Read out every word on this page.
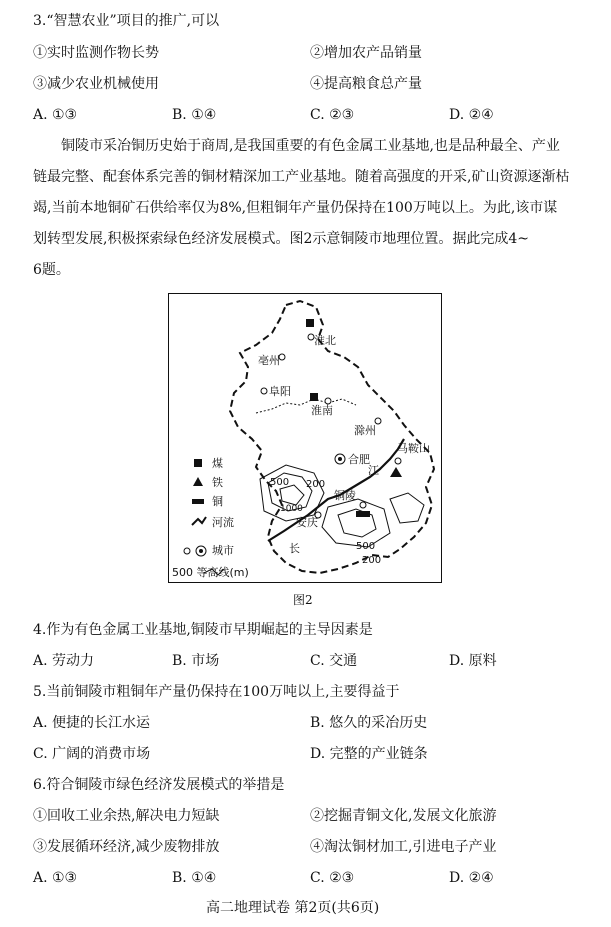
3.“智慧农业”项目的推广,可以
①实时监测作物长势	②增加农产品销量
③减少农业机械使用	④提高粮食总产量
A. ①③	B. ①④	C. ②③	D. ②④
铜陵市采冶铜历史始于商周,是我国重要的有色金属工业基地,也是品种最全、产业
链最完整、配套体系完善的铜材精深加工产业基地。随着高强度的开采,矿山资源逐渐枯
竭,当前本地铜矿石供给率仅为8%,但粗铜年产量仍保持在100万吨以上。为此,该市谋
划转型发展,积极探索绿色经济发展模式。图2示意铜陵市地理位置。据此完成4~
6题。
淮北
亳州
阜阳
淮南
滁州
马鞍山
合肥
铜陵
安庆
江
长
500 200
1000
500
200
煤
铁
铜
河流
城市
500 等高线(m)
图2
4.作为有色金属工业基地,铜陵市早期崛起的主导因素是
A. 劳动力	B. 市场	C. 交通	D. 原料
5.当前铜陵市粗铜年产量仍保持在100万吨以上,主要得益于
A. 便捷的长江水运	B. 悠久的采冶历史
C. 广阔的消费市场	D. 完整的产业链条
6.符合铜陵市绿色经济发展模式的举措是
①回收工业余热,解决电力短缺	②挖掘青铜文化,发展文化旅游
③发展循环经济,减少废物排放	④淘汰铜材加工,引进电子产业
A. ①③	B. ①④	C. ②③	D. ②④
高二地理试卷 第2页(共6页)
